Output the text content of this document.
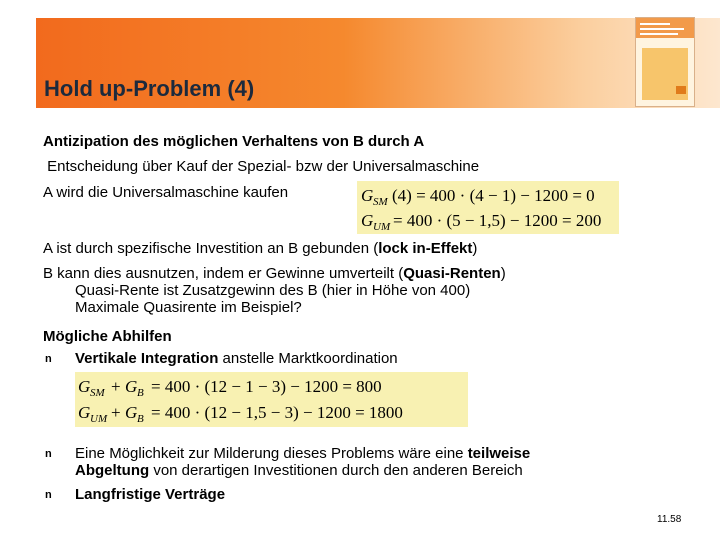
Hold up-Problem (4)
Antizipation des möglichen Verhaltens von B durch A
Entscheidung über Kauf der Spezial- bzw der Universalmaschine
A wird die Universalmaschine kaufen	G SM (4) = 400 · (4 − 1) − 1200 = 0
G UM = 400 · (5 − 1,5) − 1200 = 200
A ist durch spezifische Investition an B gebunden (lock in-Effekt)
B kann dies ausnutzen, indem er Gewinne umverteilt (Quasi-Renten)
Quasi-Rente ist Zusatzgewinn des B (hier in Höhe von 400)
Maximale Quasirente im Beispiel?
Mögliche Abhilfen
n Vertikale Integration anstelle Marktkoordination
G SM + G B = 400 · (12 − 1 − 3) − 1200 = 800
G UM + G B = 400 · (12 − 1,5 − 3) − 1200 = 1800
n Eine Möglichkeit zur Milderung dieses Problems wäre eine teilweise
Abgeltung von derartigen Investitionen durch den anderen Bereich
n Langfristige Verträge
11.58
